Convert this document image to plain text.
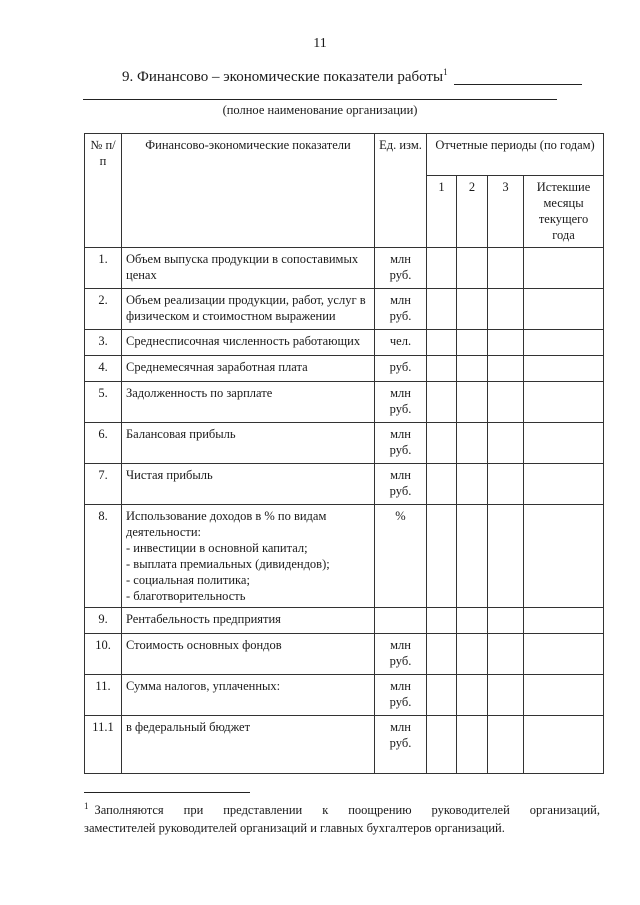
11
9. Финансово – экономические показатели работы$^1$
(полное наименование организации)
№ п/п	Финансово-экономические показатели	Ед. изм.	Отчетные периоды (по годам)			
			1	2	3	Истекшие месяцы текущего года
1.	Объем выпуска продукции в сопоставимых ценах	млн руб.				
2.	Объем реализации продукции, работ, услуг в физическом и стоимостном выражении	млн руб.				
3.	Среднесписочная численность работающих	чел.				
4.	Среднемесячная заработная плата	руб.				
5.	Задолженность по зарплате	млн руб.				
6.	Балансовая прибыль	млн руб.				
7.	Чистая прибыль	млн руб.				
8.	Использование доходов в % по видам деятельности:
- инвестиции в основной капитал;
- выплата премиальных (дивидендов);
- социальная политика;
- благотворительность	%				
9.	Рентабельность предприятия					
10.	Стоимость основных фондов	млн руб.				
11.	Сумма налогов, уплаченных:	млн руб.				
11.1	в федеральный бюджет	млн руб.				
$^1$ Заполняются при представлении к поощрению руководителей организаций,
заместителей руководителей организаций и главных бухгалтеров организаций.
